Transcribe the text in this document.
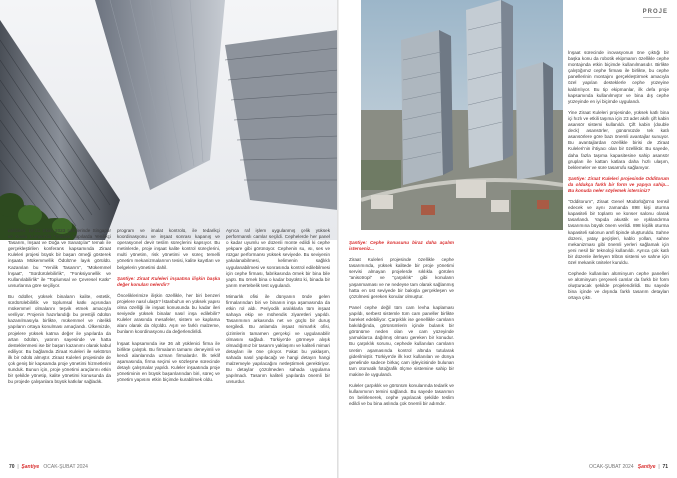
rakiblesi: 16-21 Ekim 2023 tarihlerinde Singapur ve Kuala Lumpur'da "Yüksek Yapılarda Yenilikçi Tasarım, İnşaat ve Doğa ve Sanatçılar" temalı ile gerçekleştirilen konferans kapsamında Ziraat Kuleleri projesi büyük bir başarı örneği gösterek inşaata Mükemmellik Ödülü'ne layık görüldü. Kazanılan bu "Yenilik Tasarım", "Mükemmel İnşaat", "Sürdürülebilirlik", "Fonksiyonellik ve Kullanılabilirlik" ile "Toplumsal ve Çevresel Katkı" unsurlarına göre seçiliyor.

Bu ödüller, yüksek binaların kalite, estetik, sürdürülebilirlik ve toplumsal katkı açısından mükemmel olmalarını teşvik etmek amacıyla veriliyor. Projenin hazırlandığı bu prestijli ödülün kazanılmasıyla birlikte, mükemmel ve nitelikli yapıların ortaya konulması amaçlandı. Ülkemizde, projelere yüksek katma değer ile yapılarda da artan ödülün, yatırım sayesinde ve hatta desteklenmesi ise bir başarı kazanımı olarak kabul ediliyor. Bu bağlamda Ziraat Kuleleri ile sektörün ilk bir ödülü almıştır. Ziraat Kuleleri projesinde de çok geniş bir kapsamda proje yönetimi hizmetlerini sunduk. Bunun için, proje yönetimi araçlarını etkin bir şekilde yönetip, kalite yönetimi konusunda da bu projede çalışanlara büyük katkılar sağladık.

program ve imalat kontrolü, ile tedarikçi koordinasyonu ve inşaat sonrası kapanış ve operasyonel devir teslim süreçlerini kapsıyor. Bu metinlerde, proje inşaat kalite kontrol süreçlerini, multi yönetim, risk yönetimi ve süreç temelli yönetim mekanizmalarının tesisi, kalite kayıtları ve belgelerin yönetimi dahil.

Şantiye: Ziraat Kuleleri inşaatına ilişkin başka değer konuları nelerdir?

Önceliklerimize ilişkin özellikle, her biri benzeri projelere nasıl ulaştı? İstanbul'un en yüksek yapısı olma özelliği ile inşaat konusunda bu kadar ileri seviyede yüksek binalar nasıl inşa edilebilir? Kuleler arasında mesafeler, sistem ve kaplama alanı olarak da ölçüldü. Aşırı ve farklı malzeme, bunların koordinasyonu da değerlendirildi.

İnşaat kapsamında ise 36 alt yüklenici firma ile birlikte çalıştık. Bu firmaların tamamı deneyimli ve kendi alanlarında uzman firmalardır. İlk teklif aşamasında, firma seçimi ve sözleşme sürecinde detaylı çalışmalar yapıldı. Kuleler inşaatında proje yönetiminin en büyük başarılarından biri, süreç ve yönetim yapısını etkin biçimde kurabilmek oldu.

Ayrıca raf işlem uygulanmış çelik yüksek performanslı camlar seçildi. Cephelerde her panel o kadar uyumlu ve düzenli monte edildi ki cephe yekpare gibi görünüyor. Cephenin su, ısı, ses ve rüzgar performansı yüksek seviyede. Bu seviyenin yakalanabilmesi, kelimenin sağlıklı uygulanabilmesi ve sonrasında kontrol edilebilmesi için cephe firması, fabrikasında örnek bir bina bile yaptı. Bu örnek bina o kadar büyüktü ki, binada bir yarım mertebelik test uygulandı.

Mimarlık ofisi ile dünyanın önde gelen firmalarından biri ve binanın inşa aşamasında da etkin rol aldı. Periyodik aralıklarla tüm inşaat sahaya ekip ve mühendis ziyaretleri yapıldı. Tasarımının arkasında net ve güçlü bir duruş sergiledi. Bu anlamda inşaat mimarlık ofisi, çizimlerin tamamen gerçekçi ve uygulanabilir olmasını sağladı. Türkiye'de görmeye alışık olmadığımız bir tasarım yaklaşımı ve kaliteli mimari detayları ile öne çıkıyor. Fakat bu yaklaşım, sahada nasıl yapılacağı ve hangi detayın hangi malzemeyle yapılacağını netleştirmek gerektiriyor. Bu detaylar çözülmeden sahada uygulama yapılmadı. Tasarım kaliteli yapılarda önemli bir unsurdur.

70  |  Şantiye OCAK-ŞUBAT 2024
PROJE

Şantiye: Cephe konusunu biraz daha açalım isterseniz...

Ziraat Kuleleri projesinde özellikle cephe tasarımında, yüksek kalitede bir proje yönetimi servisi almayan projelerde sıklıkla görülen "anisotropi" ve "çarpıklık" gibi konuların yaşanmaması ve ne nedeyse tam olarak sağlanmış hatta en üst seviyede bir bakışla gerçekleşen ve çözülmesi gereken konular olmuştur.

Panel cephe değil tüm cam levha kaplaması yapıldı, serbest sistemle tüm cam paneller birlikte hareket edebiliyor. Çarpıklık ise genellikle camların bakıldığında, görünümlerin içinde bulanık bir görünüme neden olan ve cam yüzeyinde yamuklarca dağılmış olması gereken bir konudur. Bu çarpıklık sorunu, cephede kullanılan camların üretim aşamasında kontrol altında tutularak giderilmiştir. Türkiye'de ilk kez kullanılan ve dünya genelinde sadece birkaç cam işleyicisinde bulunan tam otomatik fotoğrafik ölçme sistemine sahip bir makine ile uygulandı.

Kuleler çarpıklık ve görünüm konularında tedarik ve kullanımının temini sağlandı. Bu sayede tasarımın ön belirlenerek, cephe yapılacak şekilde teslim edildi ve bu bina aslında çok önemli bir adımdır.

İnşaat sürecinde inovasyonun öne çıktığı bir başka konu da robotik ekipmanın özellikle cephe montajında etkin biçimde kullanılmasıdır. Birlikte çalıştığımız cephe firması ile birlikte, bu cephe panellerinin montajını gerçekleştirmek amacıyla özel yapılan desteklerle cephe yüzeyine kaldırılıyor. Bu tip ekipmanlar, ilk defa proje kapsamında kullanılmıştır ve bina dış cephe yüzeyinde en iyi biçimde uygulandı.

Yine Ziraat Kuleleri projesinde, yüksek katlı bina içi hızlı ve etkili taşıma için 23 adet akıllı çift kabin asansör sistemi kullanıldı. Çift kabin (double deck) asansörler, günümüzde tek katlı asansörlere göre bazı önemli avantajlar sunuyor. Bu avantajlardan özellikle birisi de Ziraat Kuleleri'nin ihtiyacı olan bir özelliktir. Bu sayede, daha fazla taşıma kapasitesine sahip asansör grupları ile kattan katlara daha hızlı ulaşım, beklemeler ve süre tasarrufu sağlanıyor.

Şantiye: Ziraat Kuleleri projesinde Odditorum da oldukça farklı bir form ve yapıya sahip... Bu konuda neler söylemek istersiniz?

"Odditorum", Ziraat Genel Müdürlüğü'nü temsil edecek ve aynı zamanda 898 kişi oturma kapasiteli bir toplantı ve konser salonu olarak tasarlandı. Yapıda akustik ve ışıklandırma tasarımına büyük önem verildi. 898 kişilik oturma kapasiteli salonun amfi tipinde oluşturuldu. Sahne düzeni, yatay geçişleri, kablo yolları, sahne mekanizması gibi önemli yerleri sağlamak için yeni nesil bir teknoloji kullanıldı. Ayrıca çok katlı bir düzenle ilerleyen tribün sistemi ve sahne için özel mekanik üniteler kuruldu.

Cephede kullanılan alüminyum cephe panelleri ve alüminyum çerçeveli camlar da farklı bir form oluşturacak şekilde projelendirildi. Bu sayede bina içinde ve dışında farklı tasarım detayları ortaya çıktı.

OCAK-ŞUBAT 2024 Şantiye  |  71
